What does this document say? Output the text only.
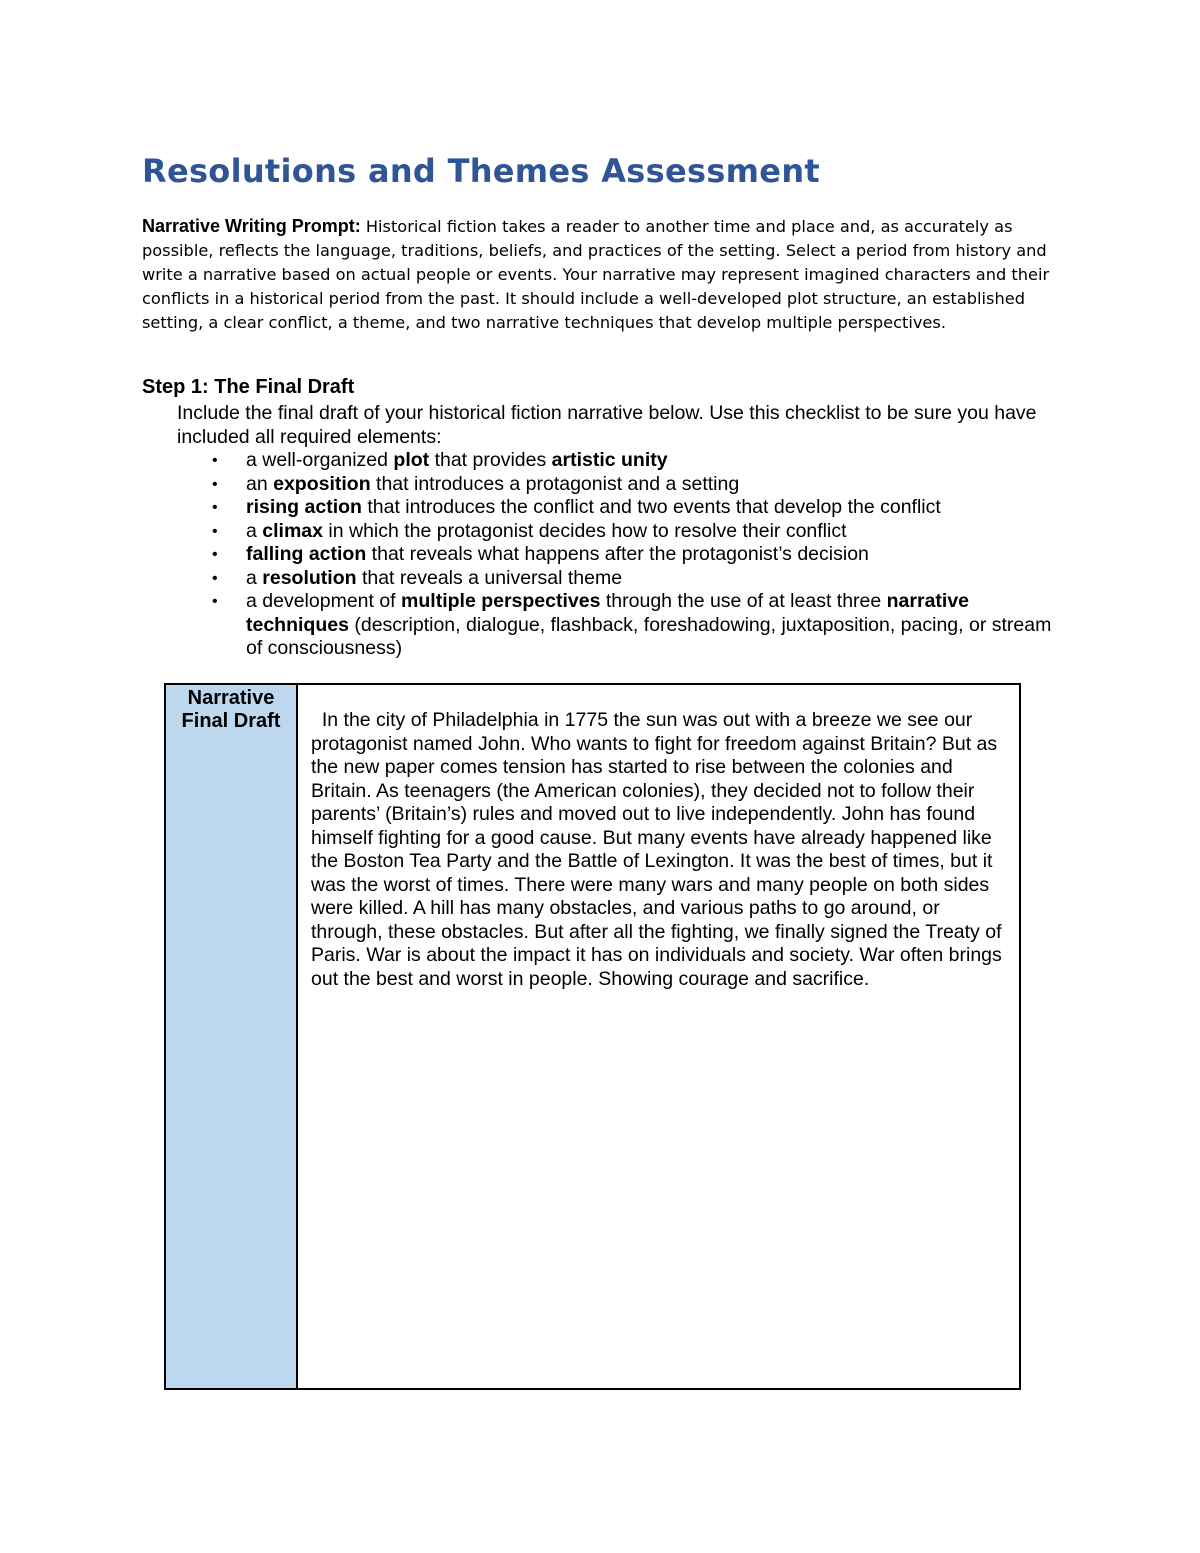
Resolutions and Themes Assessment

Narrative Writing Prompt: Historical fiction takes a reader to another time and place and, as accurately as possible, reflects the language, traditions, beliefs, and practices of the setting. Select a period from history and write a narrative based on actual people or events. Your narrative may represent imagined characters and their conflicts in a historical period from the past. It should include a well-developed plot structure, an established setting, a clear conflict, a theme, and two narrative techniques that develop multiple perspectives.

Step 1: The Final Draft

Include the final draft of your historical fiction narrative below. Use this checklist to be sure you have included all required elements:

• a well-organized plot that provides artistic unity
• an exposition that introduces a protagonist and a setting
• rising action that introduces the conflict and two events that develop the conflict
• a climax in which the protagonist decides how to resolve their conflict
• falling action that reveals what happens after the protagonist’s decision
• a resolution that reveals a universal theme
• a development of multiple perspectives through the use of at least three narrative techniques (description, dialogue, flashback, foreshadowing, juxtaposition, pacing, or stream of consciousness)
Narrative
Final Draft	In the city of Philadelphia in 1775 the sun was out with a breeze we see our protagonist named John. Who wants to fight for freedom against Britain? But as the new paper comes tension has started to rise between the colonies and Britain. As teenagers (the American colonies), they decided not to follow their parents’ (Britain’s) rules and moved out to live independently. John has found himself fighting for a good cause. But many events have already happened like the Boston Tea Party and the Battle of Lexington. It was the best of times, but it was the worst of times. There were many wars and many people on both sides were killed. A hill has many obstacles, and various paths to go around, or through, these obstacles. But after all the fighting, we finally signed the Treaty of Paris. War is about the impact it has on individuals and society. War often brings out the best and worst in people. Showing courage and sacrifice.
